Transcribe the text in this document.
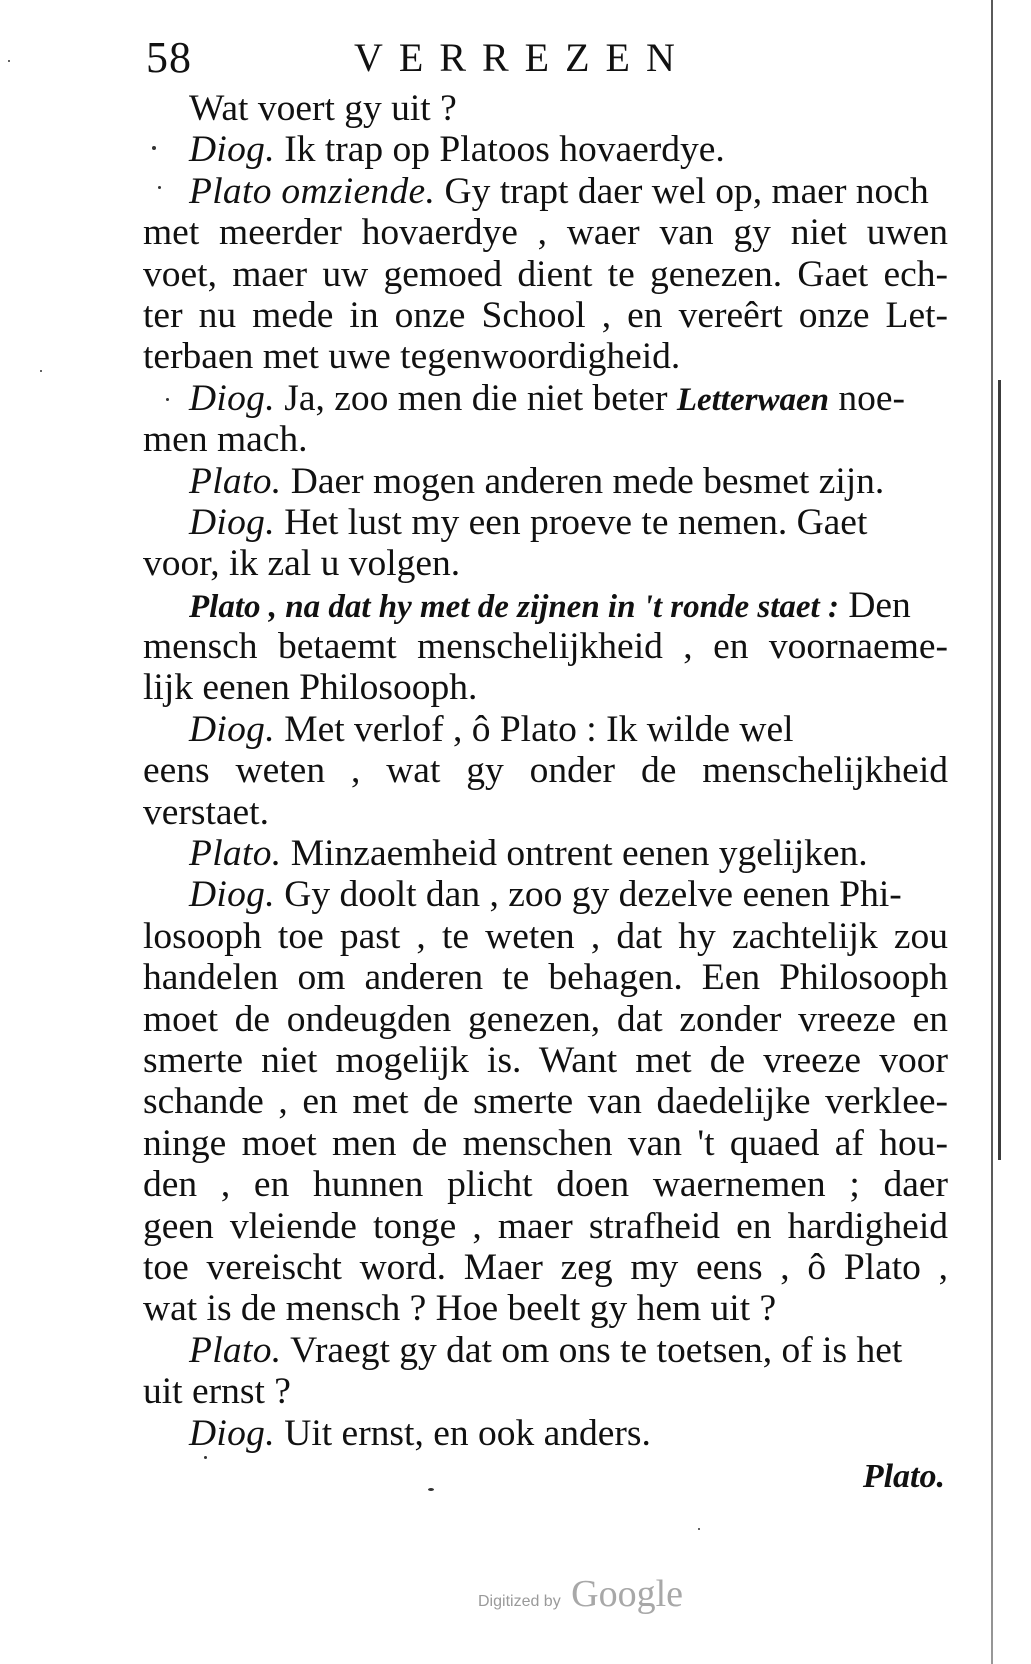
58	VERREZEN
Wat voert gy uit ?
Diog. Ik trap op Platoos hovaerdye.
Plato omziende. Gy trapt daer wel op, maer noch
met meerder hovaerdye , waer van gy niet uwen
voet, maer uw gemoed dient te genezen. Gaet ech-
ter nu mede in onze School , en vereêrt onze Let-
terbaen met uwe tegenwoordigheid.
Diog. Ja, zoo men die niet beter Letterwaen noe-
men mach.
Plato. Daer mogen anderen mede besmet zijn.
Diog. Het lust my een proeve te nemen. Gaet
voor, ik zal u volgen.
Plato , na dat hy met de zijnen in 't ronde staet : Den
mensch betaemt menschelijkheid , en voornaeme-
lijk eenen Philosooph.
Diog. Met verlof , ô Plato : Ik wilde wel
eens weten , wat gy onder de menschelijkheid
verstaet.
Plato. Minzaemheid ontrent eenen ygelijken.
Diog. Gy doolt dan , zoo gy dezelve eenen Phi-
losooph toe past , te weten , dat hy zachtelijk zou
handelen om anderen te behagen. Een Philosooph
moet de ondeugden genezen, dat zonder vreeze en
smerte niet mogelijk is. Want met de vreeze voor
schande , en met de smerte van daedelijke verklee-
ninge moet men de menschen van 't quaed af hou-
den , en hunnen plicht doen waernemen ; daer
geen vleiende tonge , maer strafheid en hardigheid
toe vereischt word. Maer zeg my eens , ô Plato ,
wat is de mensch ? Hoe beelt gy hem uit ?
Plato. Vraegt gy dat om ons te toetsen, of is het
uit ernst ?
Diog. Uit ernst, en ook anders.
Plato.
Digitized by Google
